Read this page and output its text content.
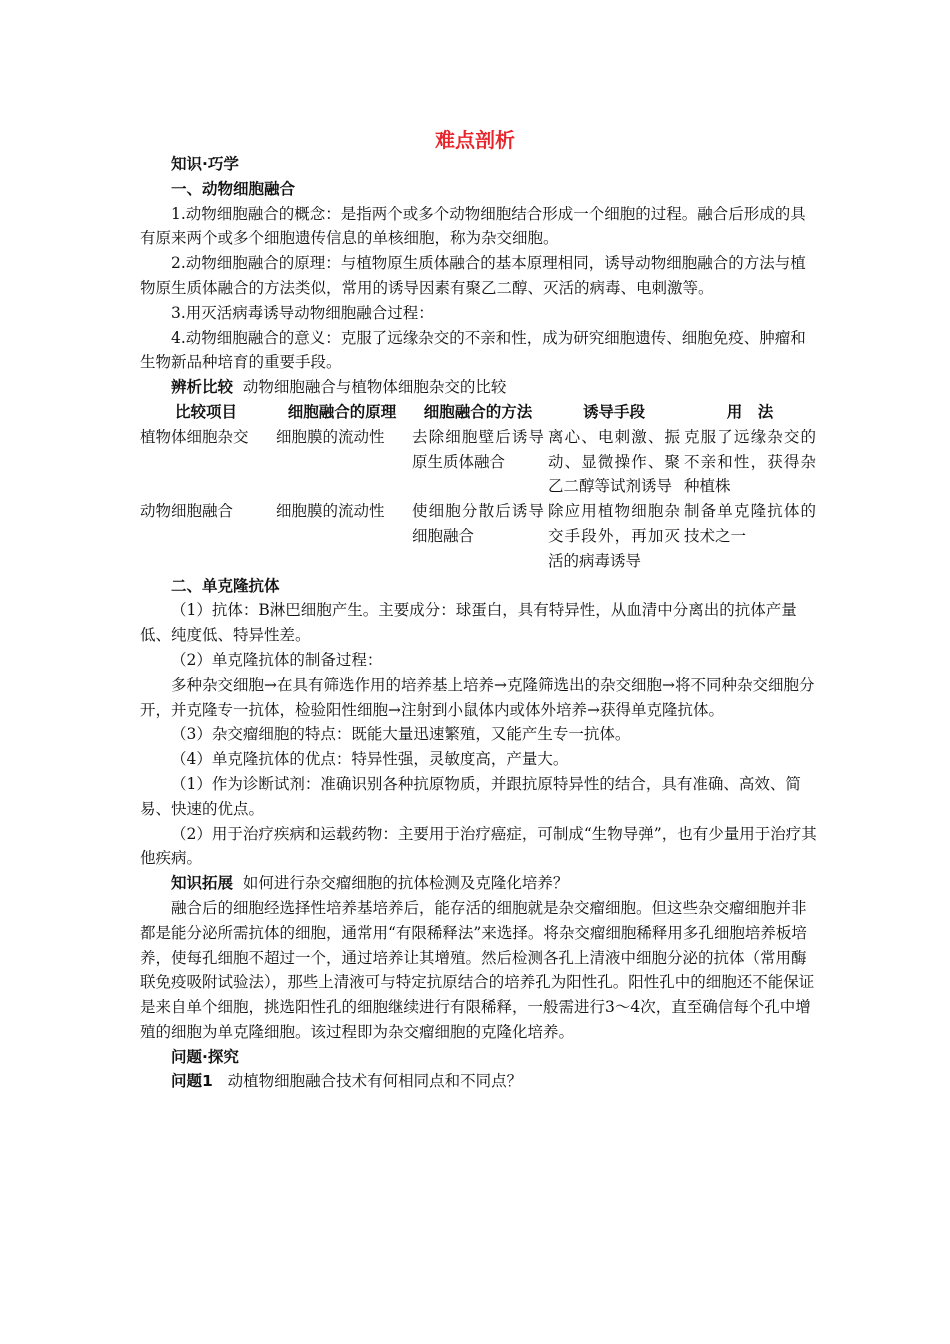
难点剖析

知识·巧学

一、动物细胞融合

1.动物细胞融合的概念：是指两个或多个动物细胞结合形成一个细胞的过程。融合后形成的具有原来两个或多个细胞遗传信息的单核细胞，称为杂交细胞。

2.动物细胞融合的原理：与植物原生质体融合的基本原理相同，诱导动物细胞融合的方法与植物原生质体融合的方法类似，常用的诱导因素有聚乙二醇、灭活的病毒、电刺激等。

3.用灭活病毒诱导动物细胞融合过程：

4.动物细胞融合的意义：克服了远缘杂交的不亲和性，成为研究细胞遗传、细胞免疫、肿瘤和生物新品种培育的重要手段。

辨析比较 动物细胞融合与植物体细胞杂交的比较

比较项目	细胞融合的原理	细胞融合的方法	诱导手段	用　法
植物体细胞杂交	细胞膜的流动性	去除细胞壁后诱导原生质体融合	离心、电刺激、振动、显微操作、聚乙二醇等试剂诱导	克服了远缘杂交的不亲和性，获得杂种植株
动物细胞融合	细胞膜的流动性	使细胞分散后诱导细胞融合	除应用植物细胞杂交手段外，再加灭活的病毒诱导	制备单克隆抗体的技术之一

二、单克隆抗体

（1）抗体：B淋巴细胞产生。主要成分：球蛋白，具有特异性，从血清中分离出的抗体产量低、纯度低、特异性差。

（2）单克隆抗体的制备过程：

多种杂交细胞→在具有筛选作用的培养基上培养→克隆筛选出的杂交细胞→将不同种杂交细胞分开，并克隆专一抗体，检验阳性细胞→注射到小鼠体内或体外培养→获得单克隆抗体。

（3）杂交瘤细胞的特点：既能大量迅速繁殖，又能产生专一抗体。

（4）单克隆抗体的优点：特异性强，灵敏度高，产量大。

（1）作为诊断试剂：准确识别各种抗原物质，并跟抗原特异性的结合，具有准确、高效、简易、快速的优点。

（2）用于治疗疾病和运载药物：主要用于治疗癌症，可制成“生物导弹”，也有少量用于治疗其他疾病。

知识拓展 如何进行杂交瘤细胞的抗体检测及克隆化培养？

融合后的细胞经选择性培养基培养后，能存活的细胞就是杂交瘤细胞。但这些杂交瘤细胞并非都是能分泌所需抗体的细胞，通常用“有限稀释法”来选择。将杂交瘤细胞稀释用多孔细胞培养板培养，使每孔细胞不超过一个，通过培养让其增殖。然后检测各孔上清液中细胞分泌的抗体（常用酶联免疫吸附试验法），那些上清液可与特定抗原结合的培养孔为阳性孔。阳性孔中的细胞还不能保证是来自单个细胞，挑选阳性孔的细胞继续进行有限稀释，一般需进行3～4次，直至确信每个孔中增殖的细胞为单克隆细胞。该过程即为杂交瘤细胞的克隆化培养。

问题·探究

问题1 动植物细胞融合技术有何相同点和不同点？
